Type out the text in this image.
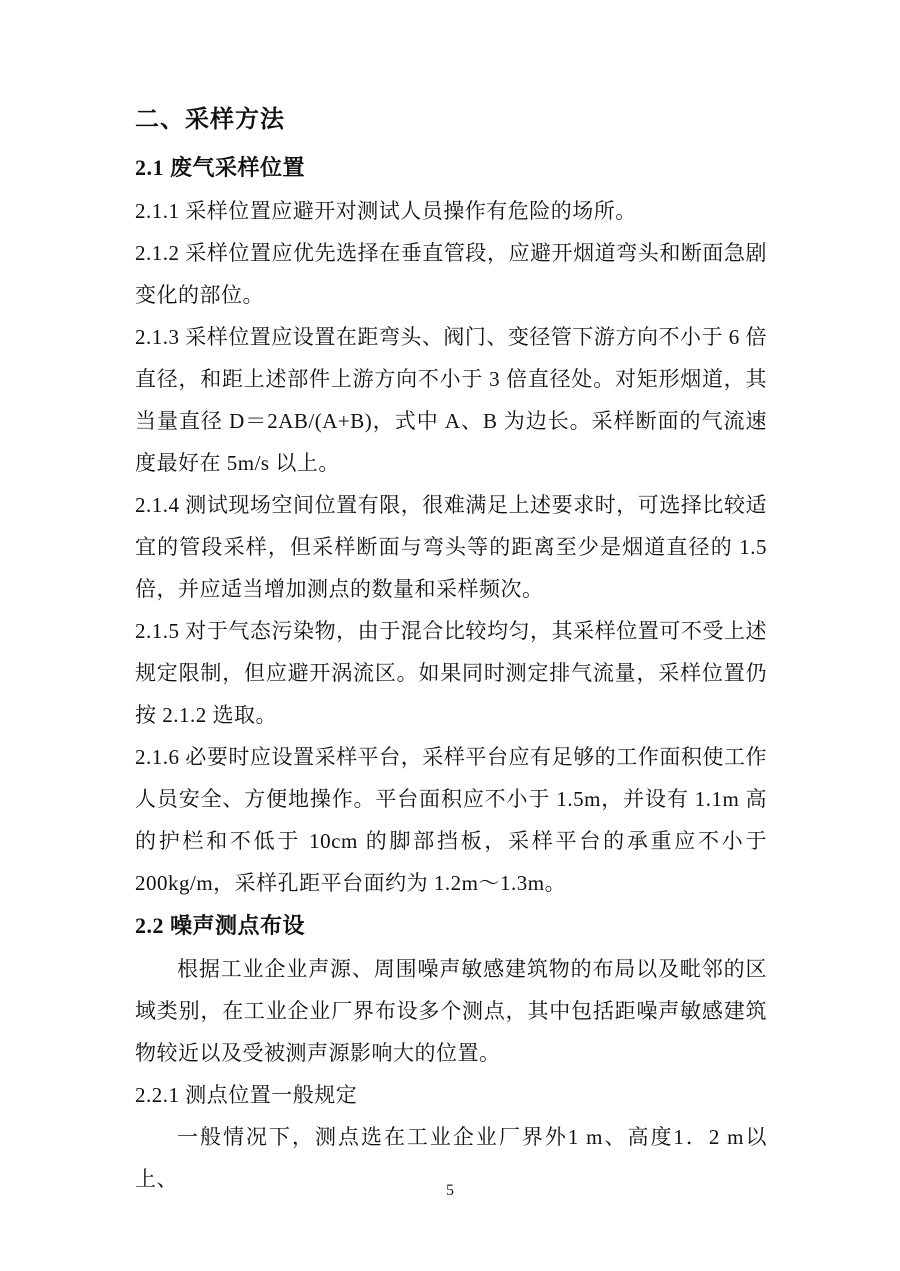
二、采样方法
2.1 废气采样位置

2.1.1 采样位置应避开对测试人员操作有危险的场所。

2.1.2 采样位置应优先选择在垂直管段，应避开烟道弯头和断面急剧变化的部位。

2.1.3 采样位置应设置在距弯头、阀门、变径管下游方向不小于 6 倍直径，和距上述部件上游方向不小于 3 倍直径处。对矩形烟道，其当量直径 D＝2AB/(A+B)，式中 A、B 为边长。采样断面的气流速度最好在 5m/s 以上。

2.1.4 测试现场空间位置有限，很难满足上述要求时，可选择比较适宜的管段采样，但采样断面与弯头等的距离至少是烟道直径的 1.5 倍，并应适当增加测点的数量和采样频次。

2.1.5 对于气态污染物，由于混合比较均匀，其采样位置可不受上述规定限制，但应避开涡流区。如果同时测定排气流量，采样位置仍按 2.1.2 选取。

2.1.6 必要时应设置采样平台，采样平台应有足够的工作面积使工作人员安全、方便地操作。平台面积应不小于 1.5m，并设有 1.1m 高的护栏和不低于 10cm 的脚部挡板，采样平台的承重应不小于 200kg/m，采样孔距平台面约为 1.2m～1.3m。

2.2 噪声测点布设

根据工业企业声源、周围噪声敏感建筑物的布局以及毗邻的区域类别，在工业企业厂界布设多个测点，其中包括距噪声敏感建筑物较近以及受被测声源影响大的位置。

2.2.1 测点位置一般规定

一般情况下，测点选在工业企业厂界外1 m、高度1．2 m以上、	5
